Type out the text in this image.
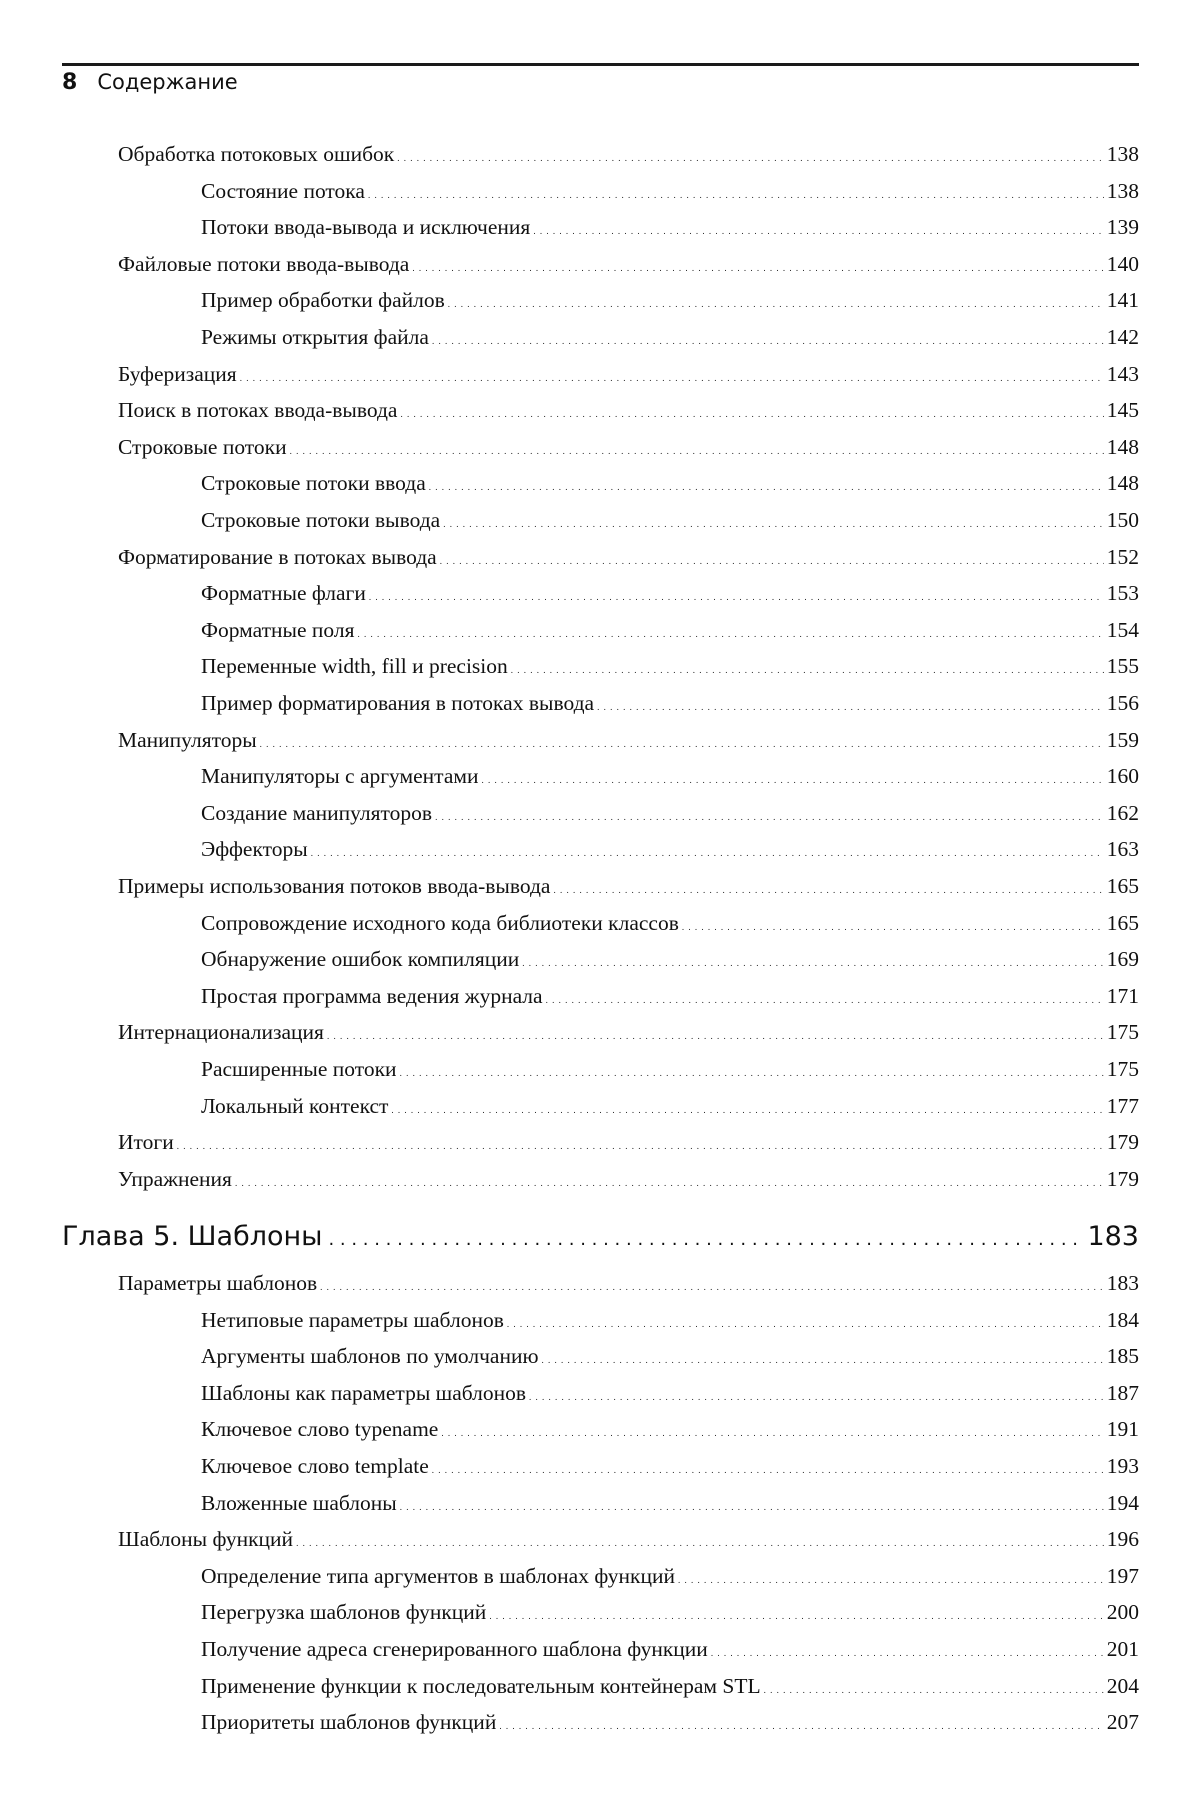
8 Содержание
Обработка потоковых ошибок . . .	138
Состояние потока . . .	138
Потоки ввода-вывода и исключения . . .	139
Файловые потоки ввода-вывода . . .	140
Пример обработки файлов . . .	141
Режимы открытия файла . . .	142
Буферизация . . .	143
Поиск в потоках ввода-вывода . . .	145
Строковые потоки . . .	148
Строковые потоки ввода . . .	148
Строковые потоки вывода . . .	150
Форматирование в потоках вывода . . .	152
Форматные флаги . . .	153
Форматные поля . . .	154
Переменные width, fill и precision . . .	155
Пример форматирования в потоках вывода . . .	156
Манипуляторы . . .	159
Манипуляторы с аргументами . . .	160
Создание манипуляторов . . .	162
Эффекторы . . .	163
Примеры использования потоков ввода-вывода . . .	165
Сопровождение исходного кода библиотеки классов . . .	165
Обнаружение ошибок компиляции . . .	169
Простая программа ведения журнала . . .	171
Интернационализация . . .	175
Расширенные потоки . . .	175
Локальный контекст . . .	177
Итоги . . .	179
Упражнения . . .	179
Глава 5. Шаблоны . . .	183
Параметры шаблонов . . .	183
Нетиповые параметры шаблонов . . .	184
Аргументы шаблонов по умолчанию . . .	185
Шаблоны как параметры шаблонов . . .	187
Ключевое слово typename . . .	191
Ключевое слово template . . .	193
Вложенные шаблоны . . .	194
Шаблоны функций . . .	196
Определение типа аргументов в шаблонах функций . . .	197
Перегрузка шаблонов функций . . .	200
Получение адреса сгенерированного шаблона функции . . .	201
Применение функции к последовательным контейнерам STL . . .	204
Приоритеты шаблонов функций . . .	207
